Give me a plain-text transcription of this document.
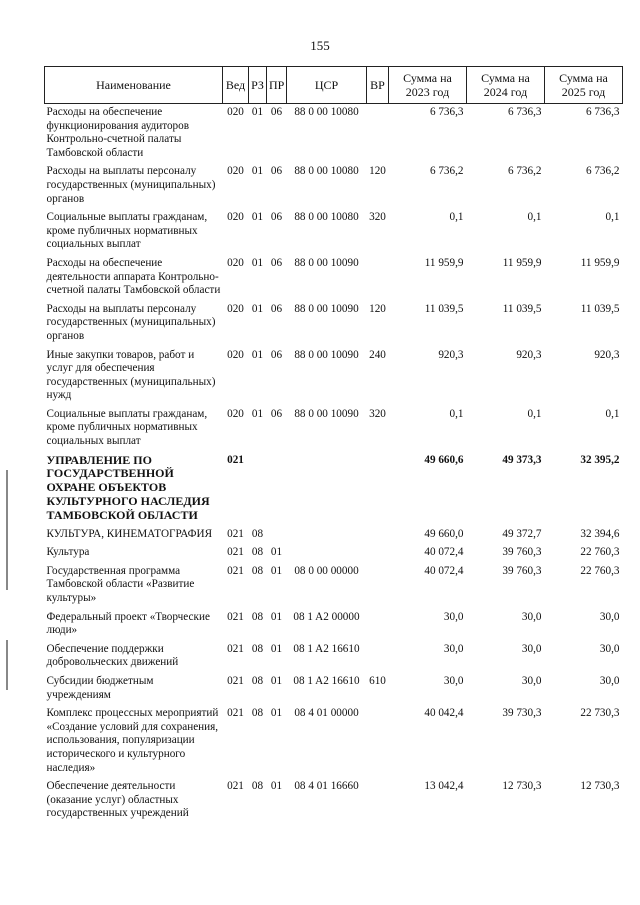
155
Наименование	Вед	РЗ	ПР	ЦСР	ВР	Сумма на 2023 год	Сумма на 2024 год	Сумма на 2025 год
Расходы на обеспечение функционирования аудиторов Контрольно-счетной палаты Тамбовской области	020	01	06	88 0 00 10080		6 736,3	6 736,3	6 736,3
Расходы на выплаты персоналу государственных (муниципальных) органов	020	01	06	88 0 00 10080	120	6 736,2	6 736,2	6 736,2
Социальные выплаты гражданам, кроме публичных нормативных социальных выплат	020	01	06	88 0 00 10080	320	0,1	0,1	0,1
Расходы на обеспечение деятельности аппарата Контрольно-счетной палаты Тамбовской области	020	01	06	88 0 00 10090		11 959,9	11 959,9	11 959,9
Расходы на выплаты персоналу государственных (муниципальных) органов	020	01	06	88 0 00 10090	120	11 039,5	11 039,5	11 039,5
Иные закупки товаров, работ и услуг для обеспечения государственных (муниципальных) нужд	020	01	06	88 0 00 10090	240	920,3	920,3	920,3
Социальные выплаты гражданам, кроме публичных нормативных социальных выплат	020	01	06	88 0 00 10090	320	0,1	0,1	0,1
УПРАВЛЕНИЕ ПО ГОСУДАРСТВЕННОЙ ОХРАНЕ ОБЪЕКТОВ КУЛЬТУРНОГО НАСЛЕДИЯ ТАМБОВСКОЙ ОБЛАСТИ	021					49 660,6	49 373,3	32 395,2
КУЛЬТУРА, КИНЕМАТОГРАФИЯ	021	08				49 660,0	49 372,7	32 394,6
Культура	021	08	01			40 072,4	39 760,3	22 760,3
Государственная программа Тамбовской области «Развитие культуры»	021	08	01	08 0 00 00000		40 072,4	39 760,3	22 760,3
Федеральный проект «Творческие люди»	021	08	01	08 1 A2 00000		30,0	30,0	30,0
Обеспечение поддержки добровольческих движений	021	08	01	08 1 A2 16610		30,0	30,0	30,0
Субсидии бюджетным учреждениям	021	08	01	08 1 A2 16610	610	30,0	30,0	30,0
Комплекс процессных мероприятий «Создание условий для сохранения, использования, популяризации исторического и культурного наследия»	021	08	01	08 4 01 00000		40 042,4	39 730,3	22 730,3
Обеспечение деятельности (оказание услуг) областных государственных учреждений	021	08	01	08 4 01 16660		13 042,4	12 730,3	12 730,3
